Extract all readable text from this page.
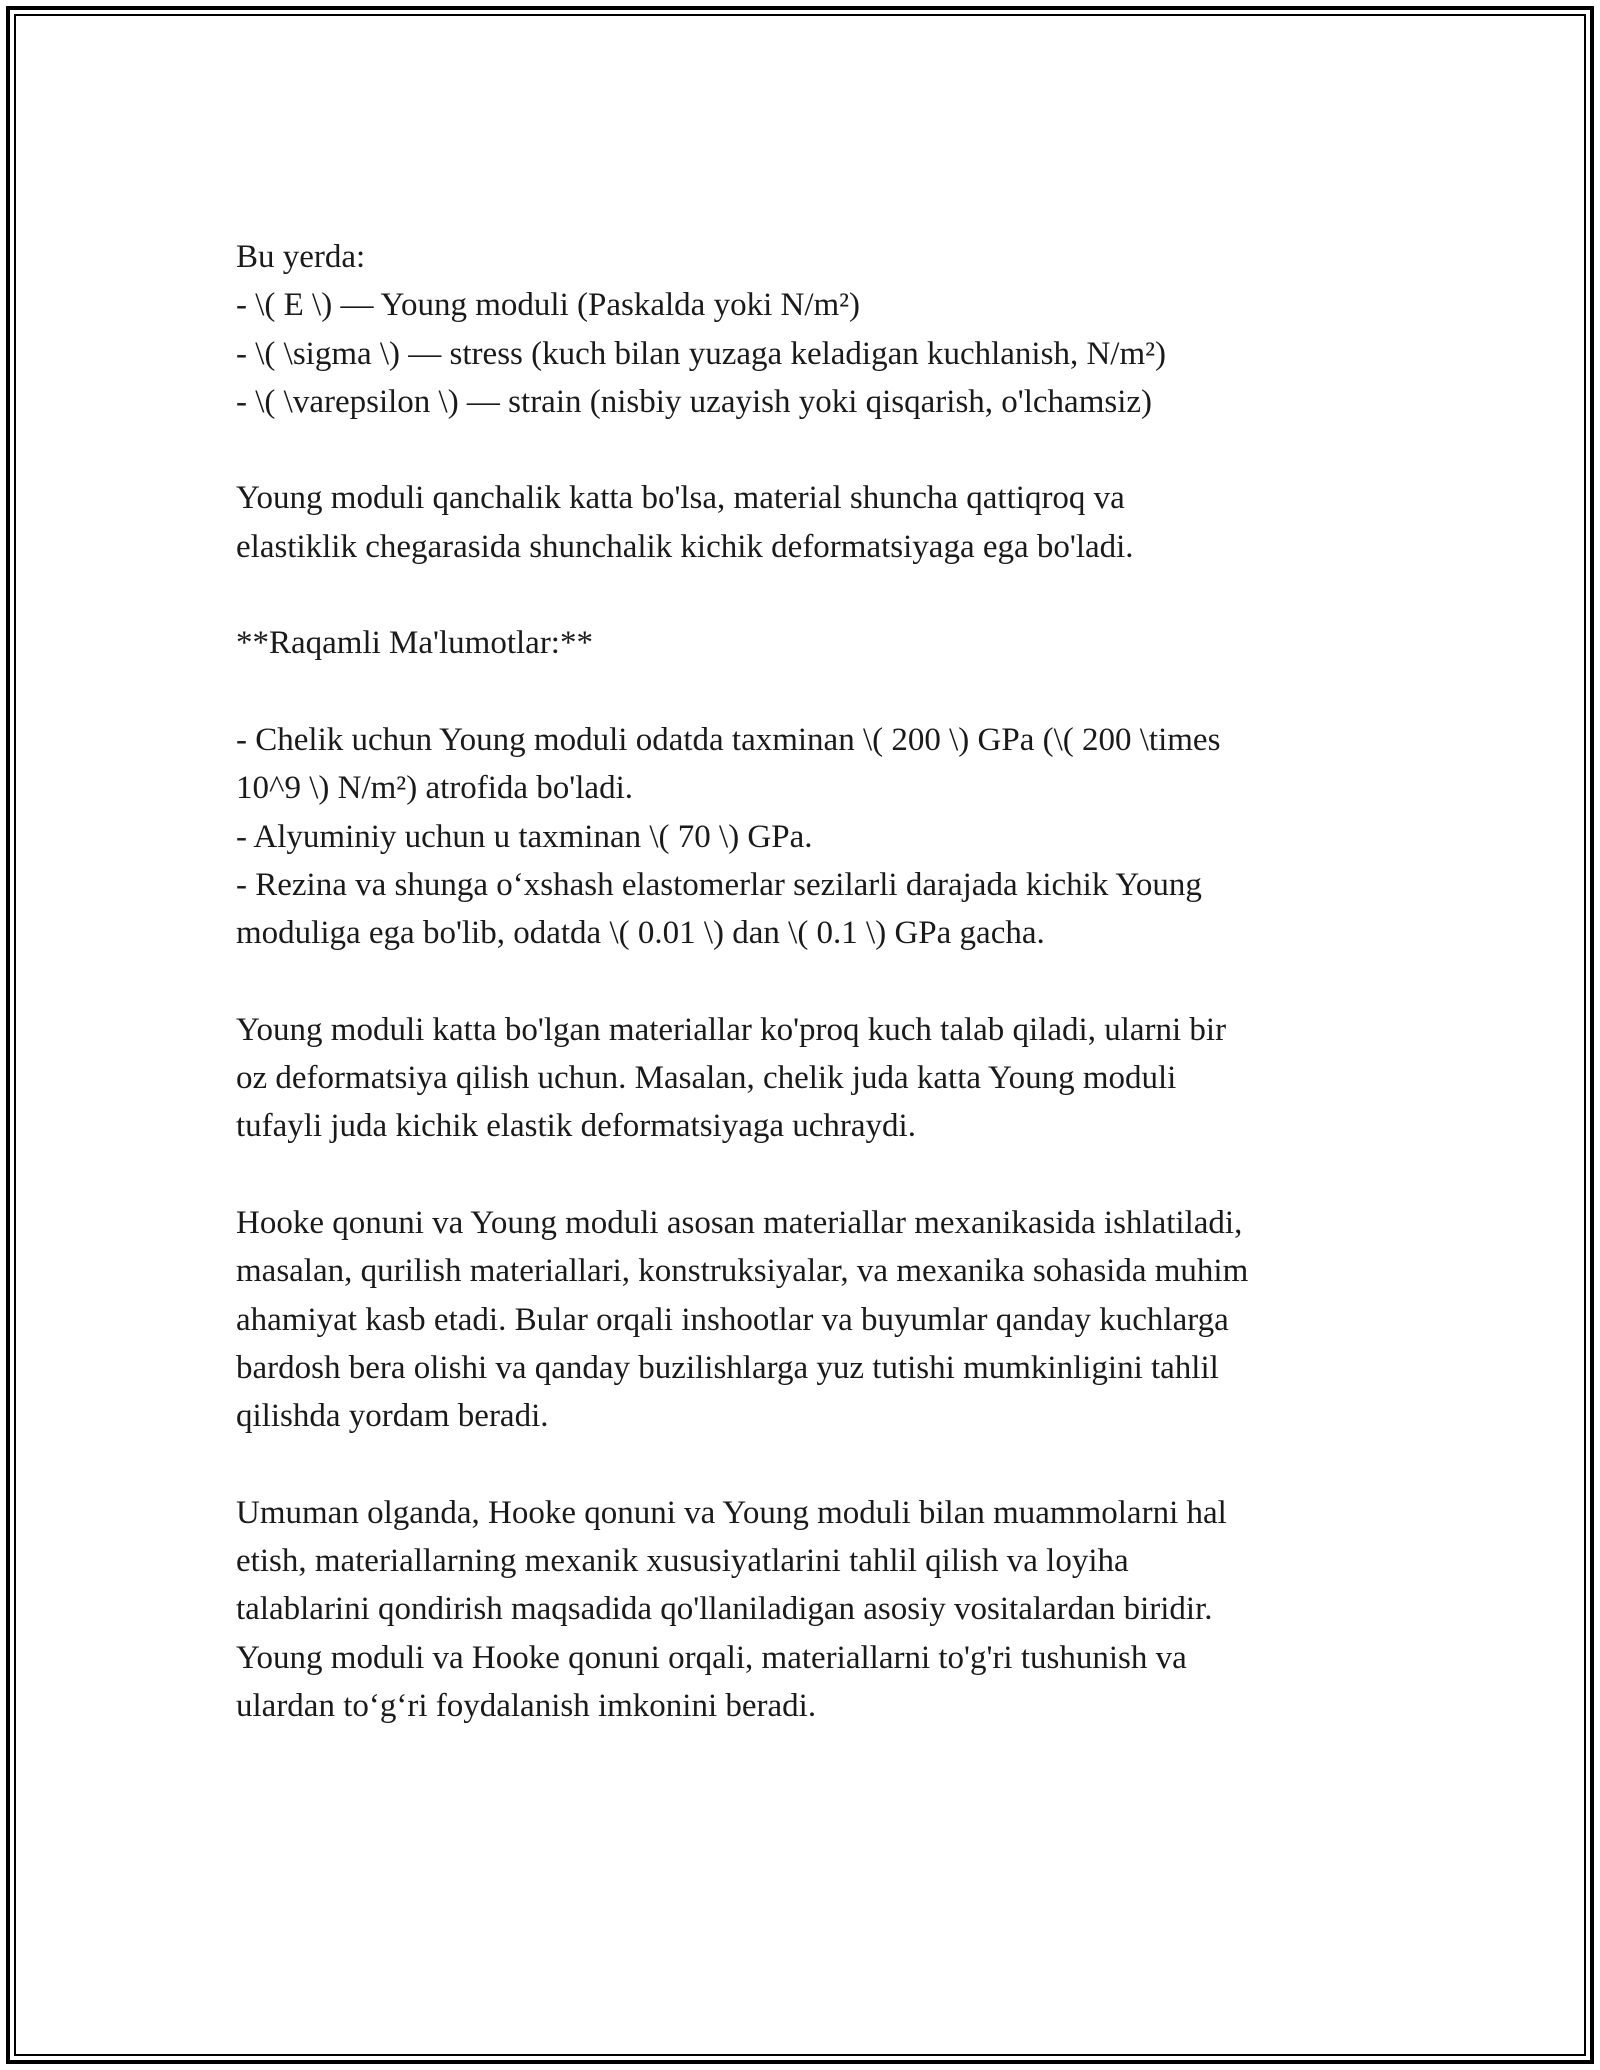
Bu yerda:
- \( E \) — Young moduli (Paskalda yoki N/m²)
- \( \sigma \) — stress (kuch bilan yuzaga keladigan kuchlanish, N/m²)
- \( \varepsilon \) — strain (nisbiy uzayish yoki qisqarish, o'lchamsiz)
Young moduli qanchalik katta bo'lsa, material shuncha qattiqroq va
elastiklik chegarasida shunchalik kichik deformatsiyaga ega bo'ladi.
**Raqamli Ma'lumotlar:**
- Chelik uchun Young moduli odatda taxminan \( 200 \) GPa (\( 200 \times
10^9 \) N/m²) atrofida bo'ladi.
- Alyuminiy uchun u taxminan \( 70 \) GPa.
- Rezina va shunga o‘xshash elastomerlar sezilarli darajada kichik Young
moduliga ega bo'lib, odatda \( 0.01 \) dan \( 0.1 \) GPa gacha.
Young moduli katta bo'lgan materiallar ko'proq kuch talab qiladi, ularni bir
oz deformatsiya qilish uchun. Masalan, chelik juda katta Young moduli
tufayli juda kichik elastik deformatsiyaga uchraydi.
Hooke qonuni va Young moduli asosan materiallar mexanikasida ishlatiladi,
masalan, qurilish materiallari, konstruksiyalar, va mexanika sohasida muhim
ahamiyat kasb etadi. Bular orqali inshootlar va buyumlar qanday kuchlarga
bardosh bera olishi va qanday buzilishlarga yuz tutishi mumkinligini tahlil
qilishda yordam beradi.
Umuman olganda, Hooke qonuni va Young moduli bilan muammolarni hal
etish, materiallarning mexanik xususiyatlarini tahlil qilish va loyiha
talablarini qondirish maqsadida qo'llaniladigan asosiy vositalardan biridir.
Young moduli va Hooke qonuni orqali, materiallarni to'g'ri tushunish va
ulardan to‘g‘ri foydalanish imkonini beradi.
